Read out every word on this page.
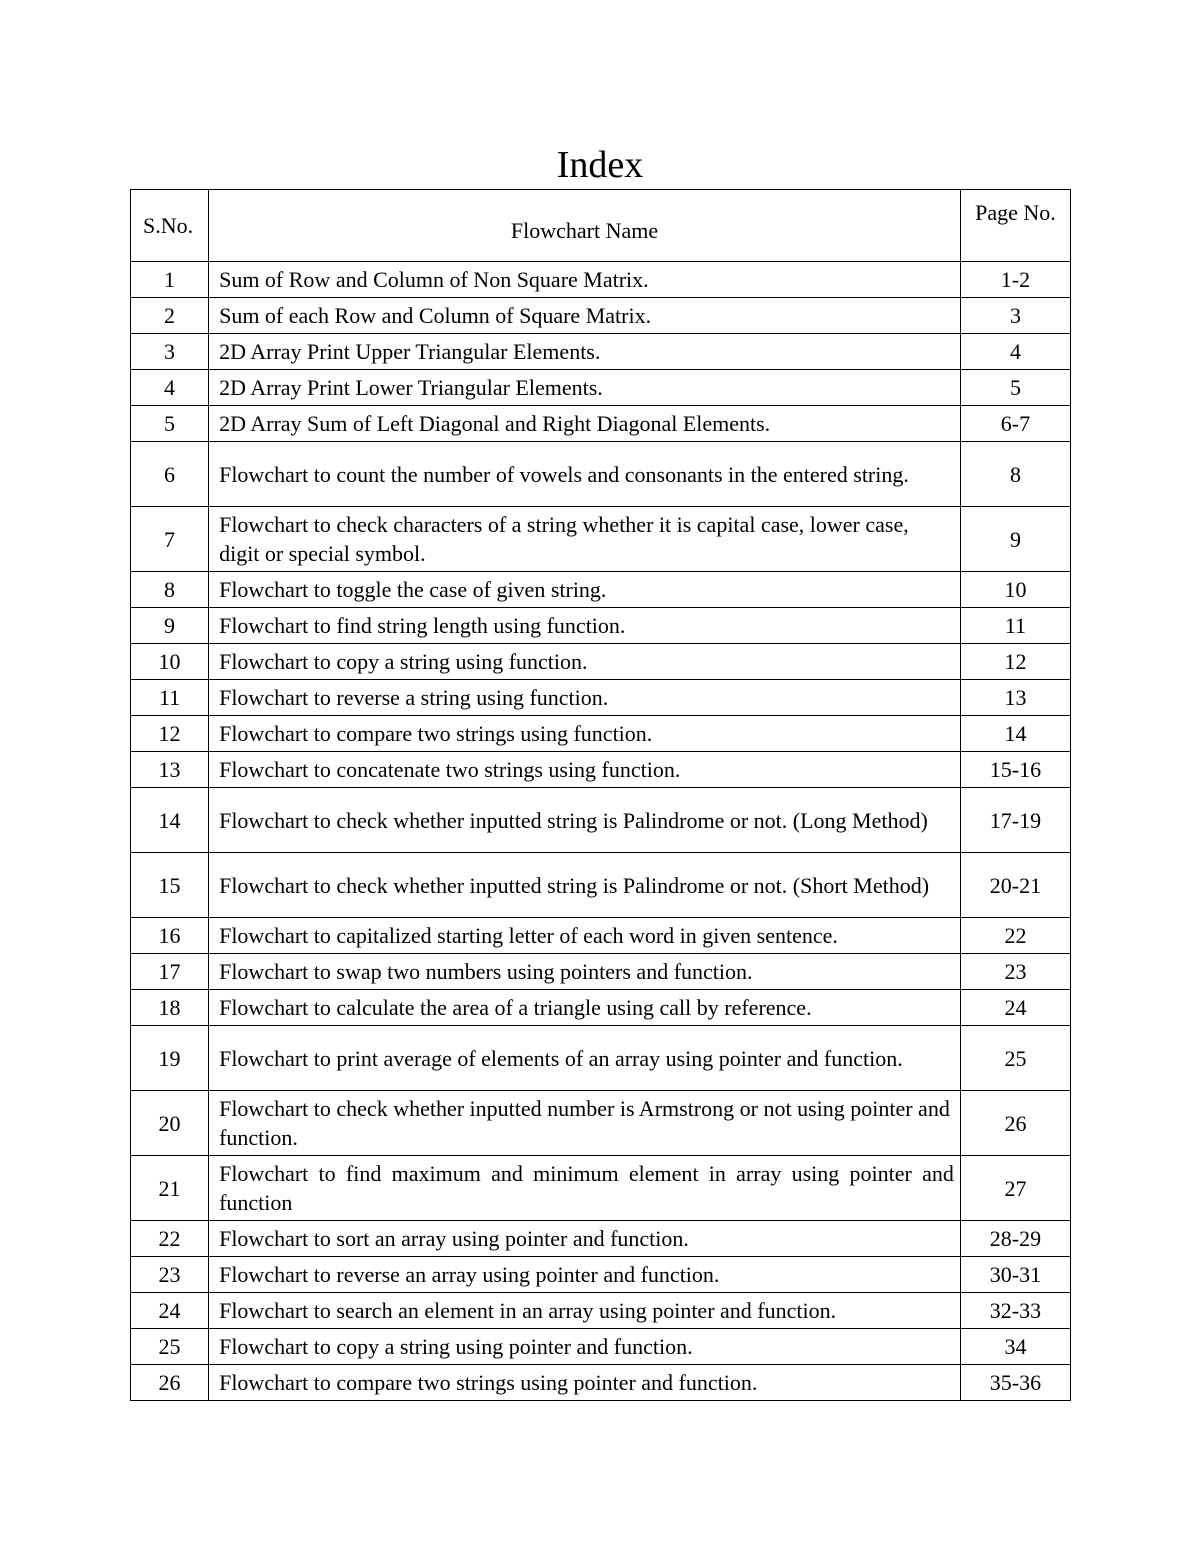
Index
S.No.	Flowchart Name	Page No.
1	Sum of Row and Column of Non Square Matrix.	1-2
2	Sum of each Row and Column of Square Matrix.	3
3	2D Array Print Upper Triangular Elements.	4
4	2D Array Print Lower Triangular Elements.	5
5	2D Array Sum of Left Diagonal and Right Diagonal Elements.	6-7
6	Flowchart to count the number of vowels and consonants in the entered string.	8
7	Flowchart to check characters of a string whether it is capital case, lower case, digit or special symbol.	9
8	Flowchart to toggle the case of given string.	10
9	Flowchart to find string length using function.	11
10	Flowchart to copy a string using function.	12
11	Flowchart to reverse a string using function.	13
12	Flowchart to compare two strings using function.	14
13	Flowchart to concatenate two strings using function.	15-16
14	Flowchart to check whether inputted string is Palindrome or not. (Long Method)	17-19
15	Flowchart to check whether inputted string is Palindrome or not. (Short Method)	20-21
16	Flowchart to capitalized starting letter of each word in given sentence.	22
17	Flowchart to swap two numbers using pointers and function.	23
18	Flowchart to calculate the area of a triangle using call by reference.	24
19	Flowchart to print average of elements of an array using pointer and function.	25
20	Flowchart to check whether inputted number is Armstrong or not using pointer and function.	26
21	Flowchart to find maximum and minimum element in array using pointer and function	27
22	Flowchart to sort an array using pointer and function.	28-29
23	Flowchart to reverse an array using pointer and function.	30-31
24	Flowchart to search an element in an array using pointer and function.	32-33
25	Flowchart to copy a string using pointer and function.	34
26	Flowchart to compare two strings using pointer and function.	35-36
